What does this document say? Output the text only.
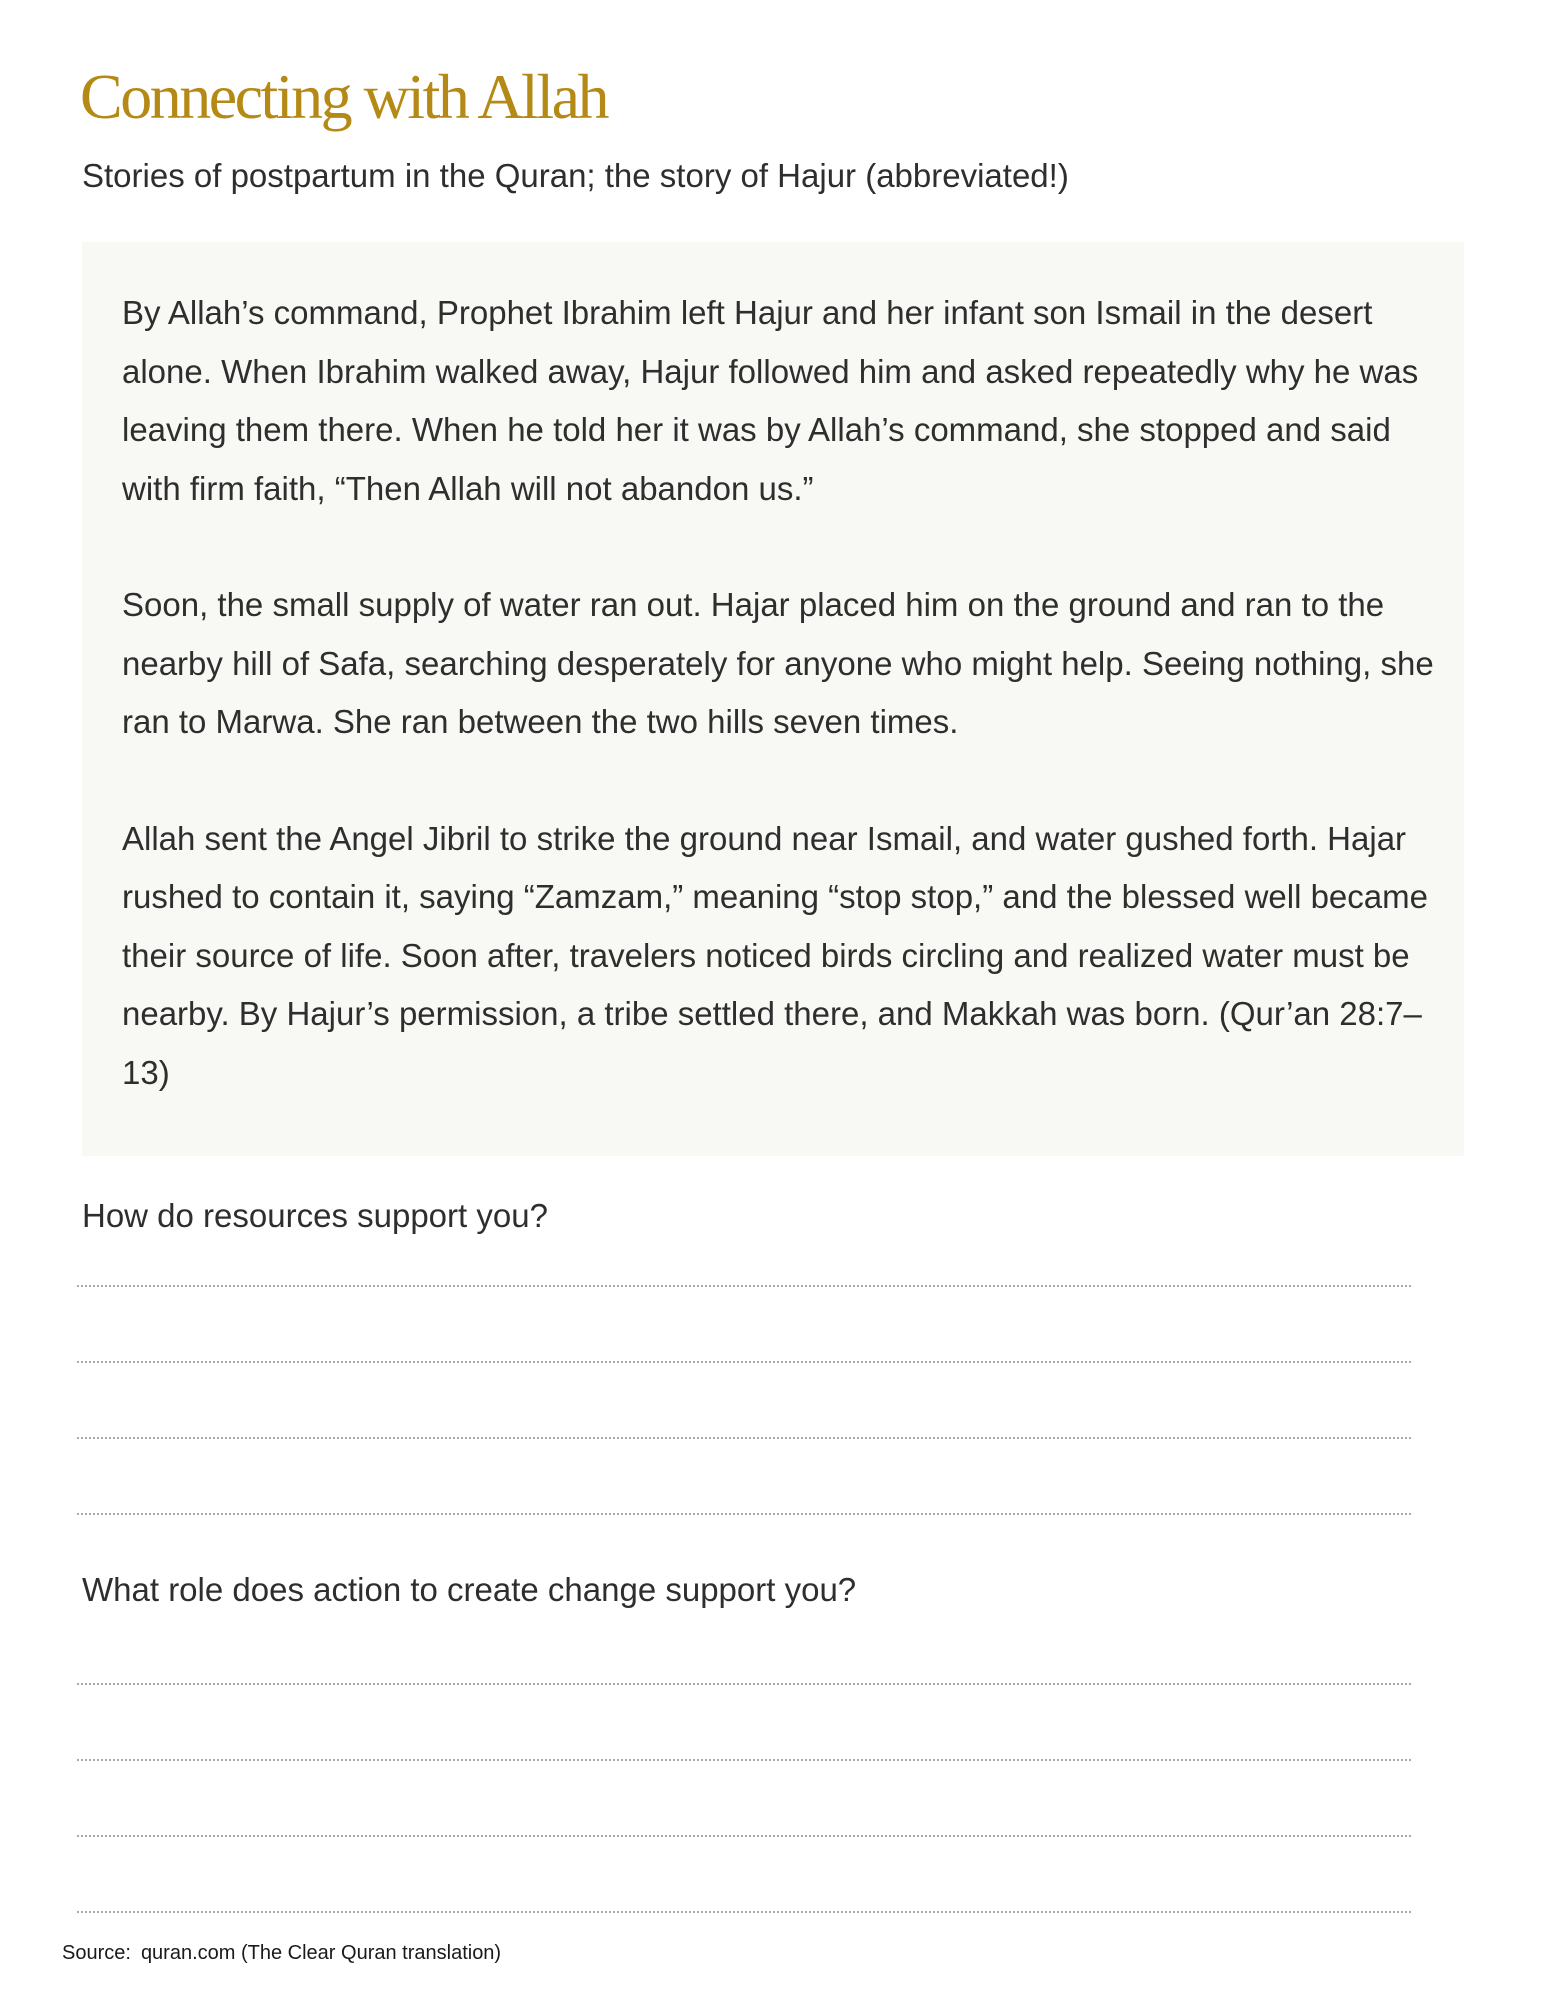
Connecting with Allah

Stories of postpartum in the Quran; the story of Hajur (abbreviated!)

By Allah’s command, Prophet Ibrahim left Hajur and her infant son Ismail in the desert alone. When Ibrahim walked away, Hajur followed him and asked repeatedly why he was leaving them there. When he told her it was by Allah’s command, she stopped and said with firm faith, “Then Allah will not abandon us.”

Soon, the small supply of water ran out. Hajar placed him on the ground and ran to the nearby hill of Safa, searching desperately for anyone who might help. Seeing nothing, she ran to Marwa. She ran between the two hills seven times.

Allah sent the Angel Jibril to strike the ground near Ismail, and water gushed forth. Hajar rushed to contain it, saying “Zamzam,” meaning “stop stop,” and the blessed well became their source of life. Soon after, travelers noticed birds circling and realized water must be nearby. By Hajur’s permission, a tribe settled there, and Makkah was born. (Qur’an 28:7–13)

How do resources support you?

What role does action to create change support you?

Source: quran.com (The Clear Quran translation)
